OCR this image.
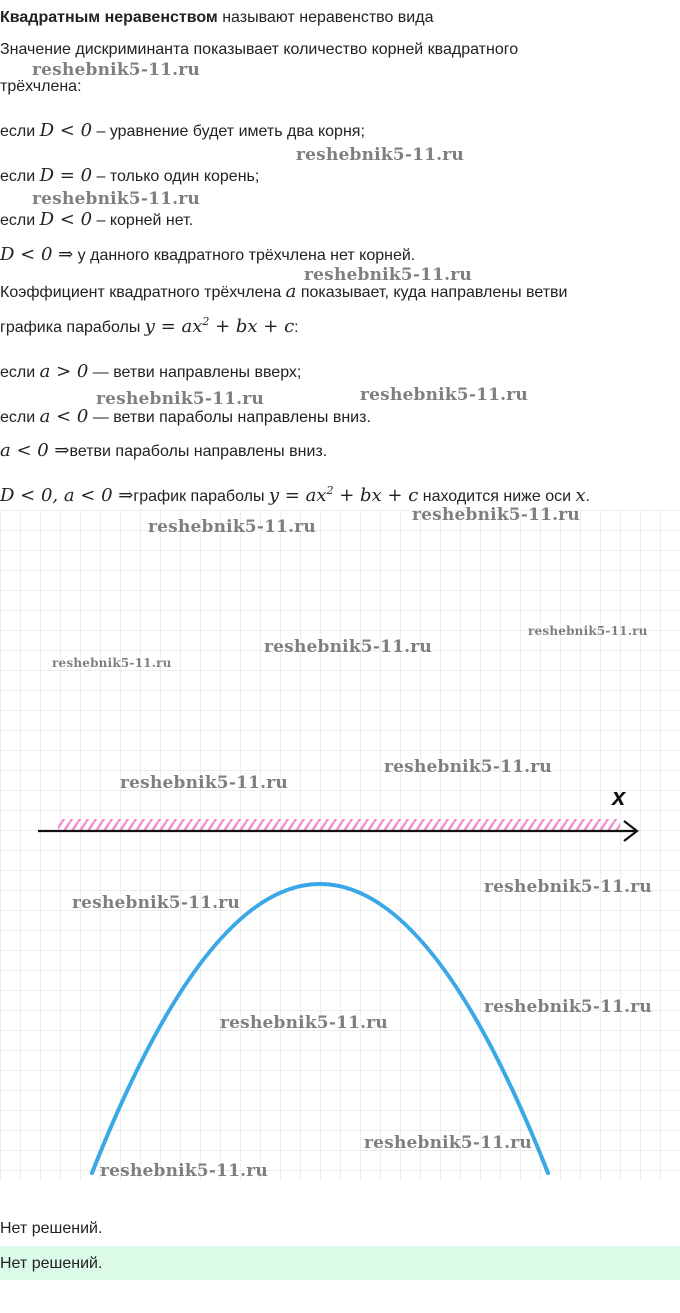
Квадратным неравенством называют неравенство вида
Значение дискриминанта показывает количество корней квадратного
трёхчлена:
если D < 0 – уравнение будет иметь два корня;
если D = 0 – только один корень;
если D < 0 – корней нет.
D < 0 ⇒ у данного квадратного трёхчлена нет корней.
Коэффициент квадратного трёхчлена a показывает, куда направлены ветви
графика параболы $y = ax^2$ + bx + c:
если a > 0 — ветви направлены вверх;
если a < 0 — ветви параболы направлены вниз.
a < 0 ⇒ветви параболы направлены вниз.
D < 0, a < 0 ⇒график параболы $y = ax^2$ + bx + c находится ниже оси x.
x
Нет решений.
Нет решений.
reshebnik5-11.ru
reshebnik5-11.ru
reshebnik5-11.ru
reshebnik5-11.ru
reshebnik5-11.ru	reshebnik5-11.ru
reshebnik5-11.ru
reshebnik5-11.ru
reshebnik5-11.ru
reshebnik5-11.ru
reshebnik5-11.ru
reshebnik5-11.ru
reshebnik5-11.ru
reshebnik5-11.ru
reshebnik5-11.ru
reshebnik5-11.ru
reshebnik5-11.ru
reshebnik5-11.ru
reshebnik5-11.ru
